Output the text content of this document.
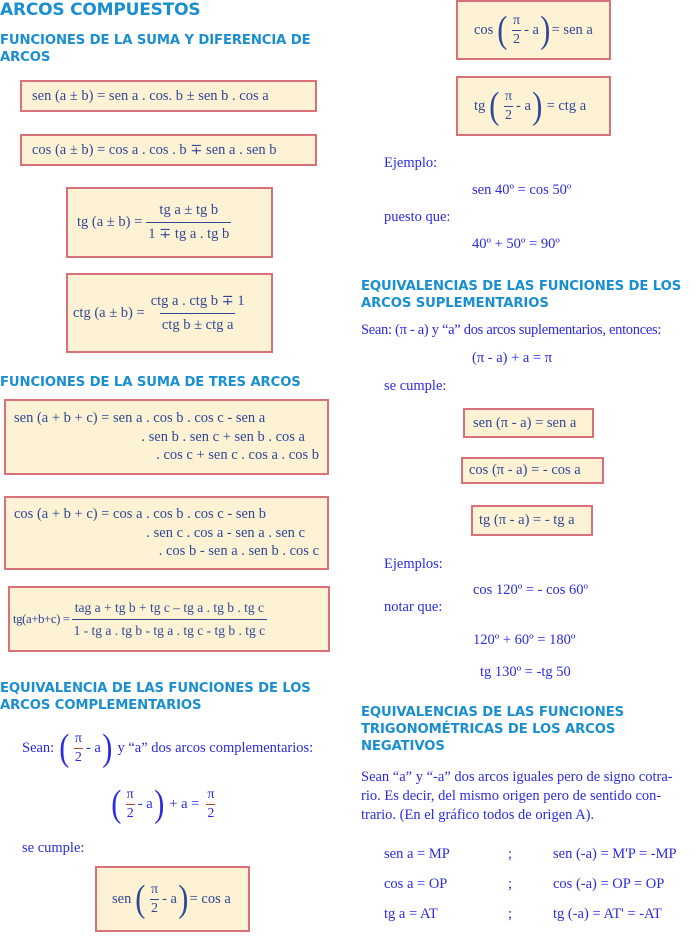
ARCOS COMPUESTOS
FUNCIONES DE LA SUMA Y DIFERENCIA DE
ARCOS
sen (a ± b) = sen a . cos. b ± sen b . cos a
cos (a ± b) = cos a . cos . b ∓ sen a . sen b
tg $(a \pm b) = \frac{\text{tg a ± tg b}}{\text{1 ∓ tg a . tg b}}$
ctg $(a \pm b) = \frac{\text{ctg a . ctg b ∓ 1}}{\text{ctg b ± ctg a}}$
FUNCIONES DE LA SUMA DE TRES ARCOS
sen (a + b + c) = sen a . cos b . cos c - sen a
. sen b . sen c + sen b . cos a
. cos c + sen c . cos a . cos b
cos (a + b + c) = cos a . cos b . cos c - sen b
. sen c . cos a - sen a . sen c
. cos b - sen a . sen b . cos c
$tg(a+b+c) = \frac{\text{tag a + tg b + tg c – tg a . tg b . tg c}}{\text{1 - tg a . tg b - tg a . tg c - tg b . tg c}}$
EQUIVALENCIA DE LAS FUNCIONES DE LOS
ARCOS COMPLEMENTARIOS
Sean: ( $\frac{\pi}{2}$ - a ) y “a” dos arcos complementarios:
( $\frac{\pi}{2}$ - a ) + $a = \frac{\pi}{2}$
se cumple:
sen ( $\frac{\pi}{2}$ - a ) = cos a
cos ( $\frac{\pi}{2}$ - a ) = sen a
tg ( $\frac{\pi}{2}$ - a ) = ctg a
Ejemplo:
sen 40º = cos 50º
puesto que:
40º + 50º = 90º
EQUIVALENCIAS DE LAS FUNCIONES DE LOS
ARCOS SUPLEMENTARIOS
Sean: (π - a) y “a” dos arcos suplementarios, entonces:
(π - a) + a = π
se cumple:
sen (π - a) = sen a
cos (π - a) = - cos a
tg (π - a) = - tg a
Ejemplos:
cos 120º = - cos 60º
notar que:
120º + 60º = 180º
tg 130º = -tg 50
EQUIVALENCIAS DE LAS FUNCIONES
TRIGONOMÉTRICAS DE LOS ARCOS
NEGATIVOS
Sean “a” y “-a” dos arcos iguales pero de signo cotra-
rio. Es decir, del mismo origen pero de sentido con-
trario. (En el gráfico todos de origen A).
sen a = MP	;	sen (-a) = M'P = -MP
cos a = OP	;	cos (-a) = OP = OP
tg a = AT	;	tg (-a) = AT' = -AT
